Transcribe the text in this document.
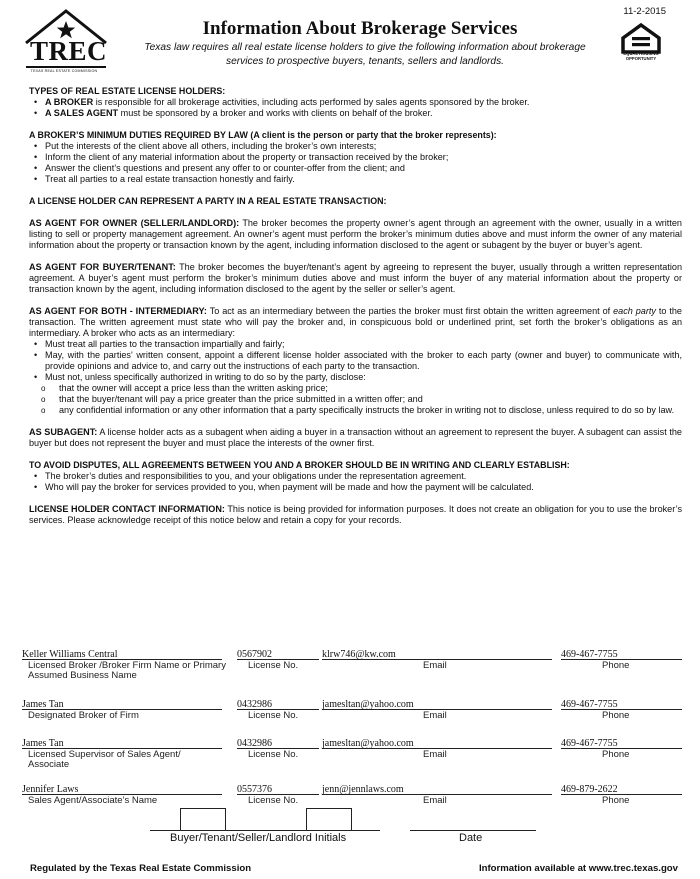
TREC
TEXAS REAL ESTATE COMMISSION
11-2-2015
EQUAL HOUSING OPPORTUNITY
Information About Brokerage Services
Texas law requires all real estate license holders to give the following information about brokerage services to prospective buyers, tenants, sellers and landlords.
TYPES OF REAL ESTATE LICENSE HOLDERS:
• A BROKER is responsible for all brokerage activities, including acts performed by sales agents sponsored by the broker.
• A SALES AGENT must be sponsored by a broker and works with clients on behalf of the broker.
A BROKER’S MINIMUM DUTIES REQUIRED BY LAW (A client is the person or party that the broker represents):
• Put the interests of the client above all others, including the broker’s own interests;
• Inform the client of any material information about the property or transaction received by the broker;
• Answer the client’s questions and present any offer to or counter-offer from the client; and
• Treat all parties to a real estate transaction honestly and fairly.
A LICENSE HOLDER CAN REPRESENT A PARTY IN A REAL ESTATE TRANSACTION:

AS AGENT FOR OWNER (SELLER/LANDLORD): The broker becomes the property owner’s agent through an agreement with the owner, usually in a written listing to sell or property management agreement. An owner’s agent must perform the broker’s minimum duties above and must inform the owner of any material information about the property or transaction known by the agent, including information disclosed to the agent or subagent by the buyer or buyer’s agent.

AS AGENT FOR BUYER/TENANT: The broker becomes the buyer/tenant’s agent by agreeing to represent the buyer, usually through a written representation agreement. A buyer’s agent must perform the broker’s minimum duties above and must inform the buyer of any material information about the property or transaction known by the agent, including information disclosed to the agent by the seller or seller’s agent.

AS AGENT FOR BOTH - INTERMEDIARY: To act as an intermediary between the parties the broker must first obtain the written agreement of each party to the transaction. The written agreement must state who will pay the broker and, in conspicuous bold or underlined print, set forth the broker’s obligations as an intermediary. A broker who acts as an intermediary:

• Must treat all parties to the transaction impartially and fairly;
• May, with the parties' written consent, appoint a different license holder associated with the broker to each party (owner and buyer) to communicate with, provide opinions and advice to, and carry out the instructions of each party to the transaction.
• Must not, unless specifically authorized in writing to do so by the party, disclose:
o that the owner will accept a price less than the written asking price;
o that the buyer/tenant will pay a price greater than the price submitted in a written offer; and
o any confidential information or any other information that a party specifically instructs the broker in writing not to disclose, unless required to do so by law.

AS SUBAGENT: A license holder acts as a subagent when aiding a buyer in a transaction without an agreement to represent the buyer. A subagent can assist the buyer but does not represent the buyer and must place the interests of the owner first.

TO AVOID DISPUTES, ALL AGREEMENTS BETWEEN YOU AND A BROKER SHOULD BE IN WRITING AND CLEARLY ESTABLISH:
• The broker’s duties and responsibilities to you, and your obligations under the representation agreement.
• Who will pay the broker for services provided to you, when payment will be made and how the payment will be calculated.

LICENSE HOLDER CONTACT INFORMATION: This notice is being provided for information purposes. It does not create an obligation for you to use the broker’s services. Please acknowledge receipt of this notice below and retain a copy for your records.

Keller Williams Central	0567902	klrw746@kw.com	469-467-7755
Licensed Broker /Broker Firm Name or Primary Assumed Business Name
License No.	Email	Phone
James Tan	0432986	jamesltan@yahoo.com	469-467-7755
Designated Broker of Firm	License No.	Email	Phone
James Tan	0432986	jamesltan@yahoo.com	469-467-7755
Licensed Supervisor of Sales Agent/ Associate
License No.	Email	Phone
Jennifer Laws	0557376	jenn@jennlaws.com	469-879-2622
Sales Agent/Associate’s Name	License No.	Email	Phone
Buyer/Tenant/Seller/Landlord Initials	Date
Regulated by the Texas Real Estate Commission	Information available at www.trec.texas.gov
